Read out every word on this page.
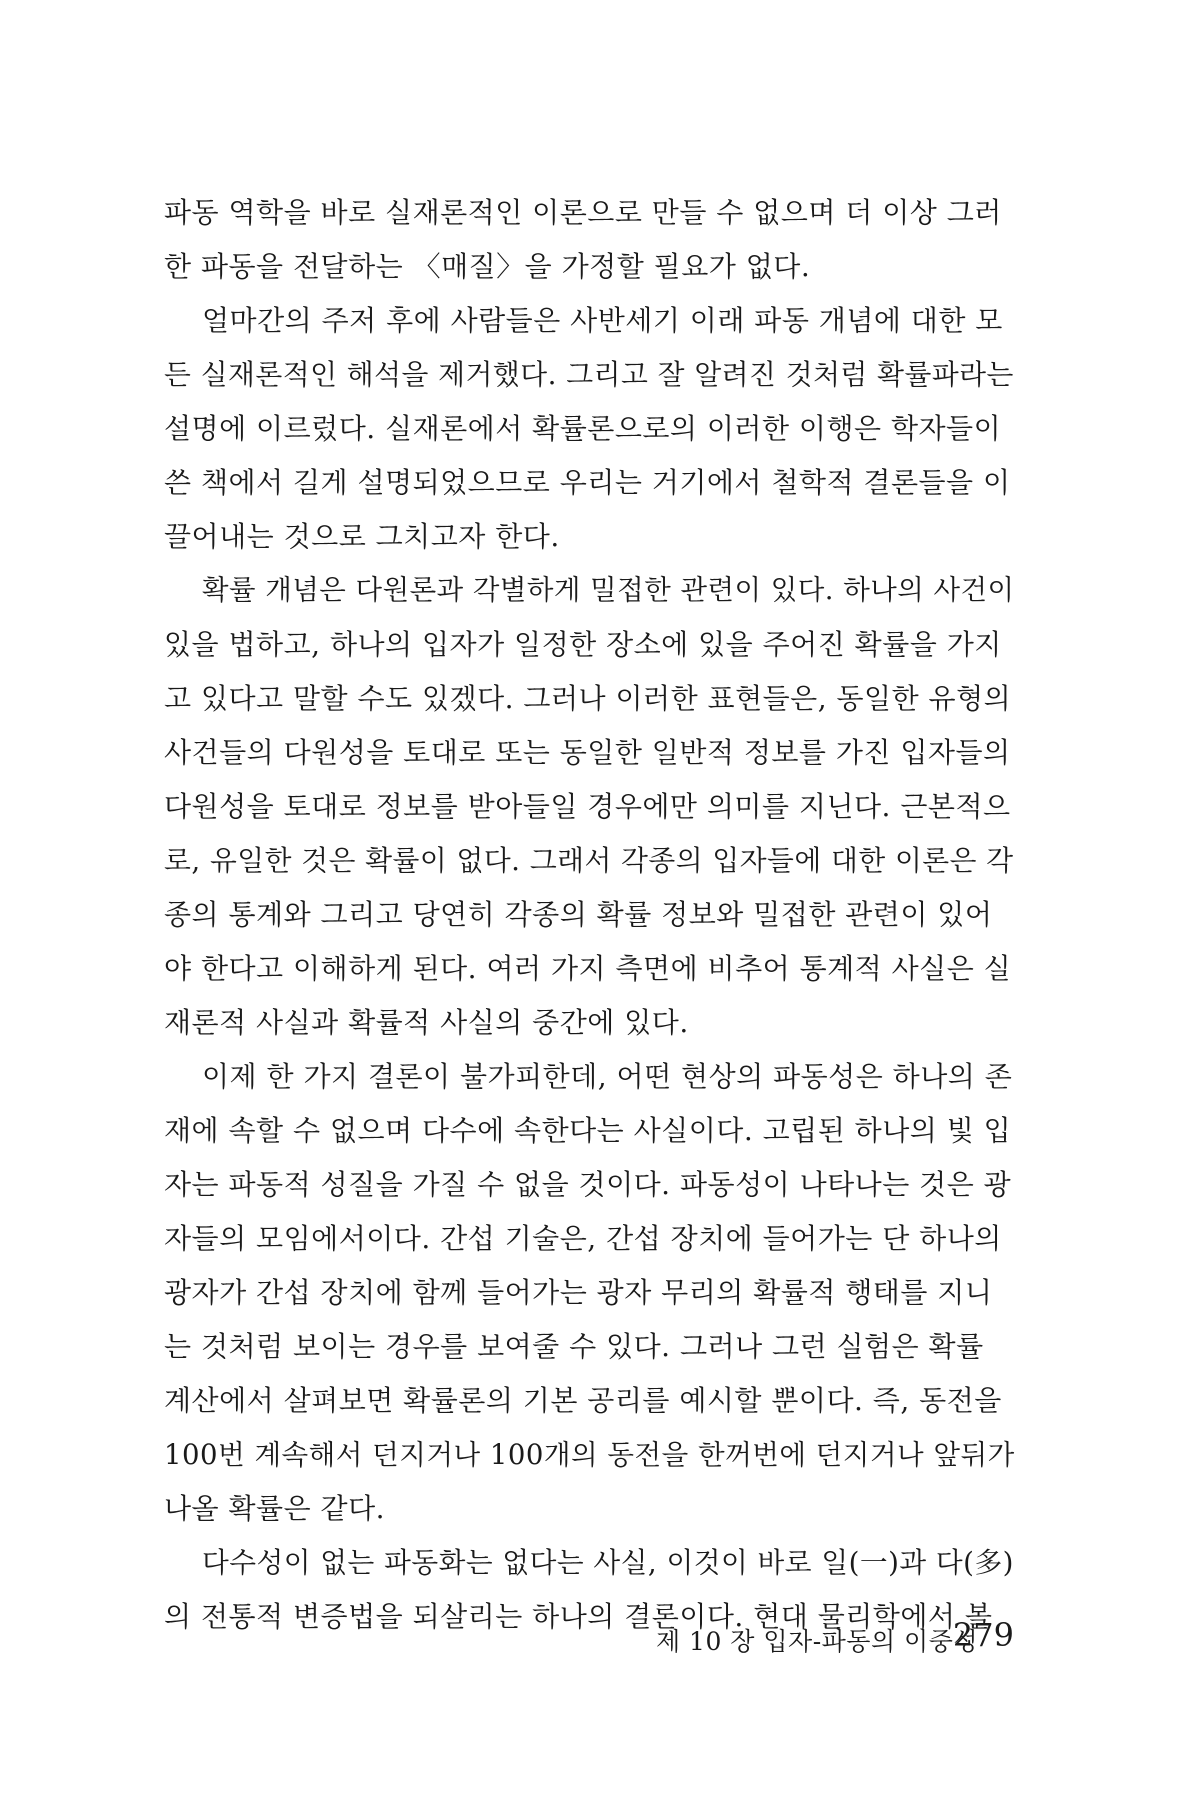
파동 역학을 바로 실재론적인 이론으로 만들 수 없으며 더 이상 그러
한 파동을 전달하는 〈매질〉을 가정할 필요가 없다.
얼마간의 주저 후에 사람들은 사반세기 이래 파동 개념에 대한 모
든 실재론적인 해석을 제거했다. 그리고 잘 알려진 것처럼 확률파라는
설명에 이르렀다. 실재론에서 확률론으로의 이러한 이행은 학자들이
쓴 책에서 길게 설명되었으므로 우리는 거기에서 철학적 결론들을 이
끌어내는 것으로 그치고자 한다.
확률 개념은 다원론과 각별하게 밀접한 관련이 있다. 하나의 사건이
있을 법하고, 하나의 입자가 일정한 장소에 있을 주어진 확률을 가지
고 있다고 말할 수도 있겠다. 그러나 이러한 표현들은, 동일한 유형의
사건들의 다원성을 토대로 또는 동일한 일반적 정보를 가진 입자들의
다원성을 토대로 정보를 받아들일 경우에만 의미를 지닌다. 근본적으
로, 유일한 것은 확률이 없다. 그래서 각종의 입자들에 대한 이론은 각
종의 통계와 그리고 당연히 각종의 확률 정보와 밀접한 관련이 있어
야 한다고 이해하게 된다. 여러 가지 측면에 비추어 통계적 사실은 실
재론적 사실과 확률적 사실의 중간에 있다.
이제 한 가지 결론이 불가피한데, 어떤 현상의 파동성은 하나의 존
재에 속할 수 없으며 다수에 속한다는 사실이다. 고립된 하나의 빛 입
자는 파동적 성질을 가질 수 없을 것이다. 파동성이 나타나는 것은 광
자들의 모임에서이다. 간섭 기술은, 간섭 장치에 들어가는 단 하나의
광자가 간섭 장치에 함께 들어가는 광자 무리의 확률적 행태를 지니
는 것처럼 보이는 경우를 보여줄 수 있다. 그러나 그런 실험은 확률
계산에서 살펴보면 확률론의 기본 공리를 예시할 뿐이다. 즉, 동전을
100번 계속해서 던지거나 100개의 동전을 한꺼번에 던지거나 앞뒤가
나올 확률은 같다.
다수성이 없는 파동화는 없다는 사실, 이것이 바로 일(一)과 다(多)
의 전통적 변증법을 되살리는 하나의 결론이다. 현대 물리학에서 볼
제 10 장 입자-파동의 이중성
279
